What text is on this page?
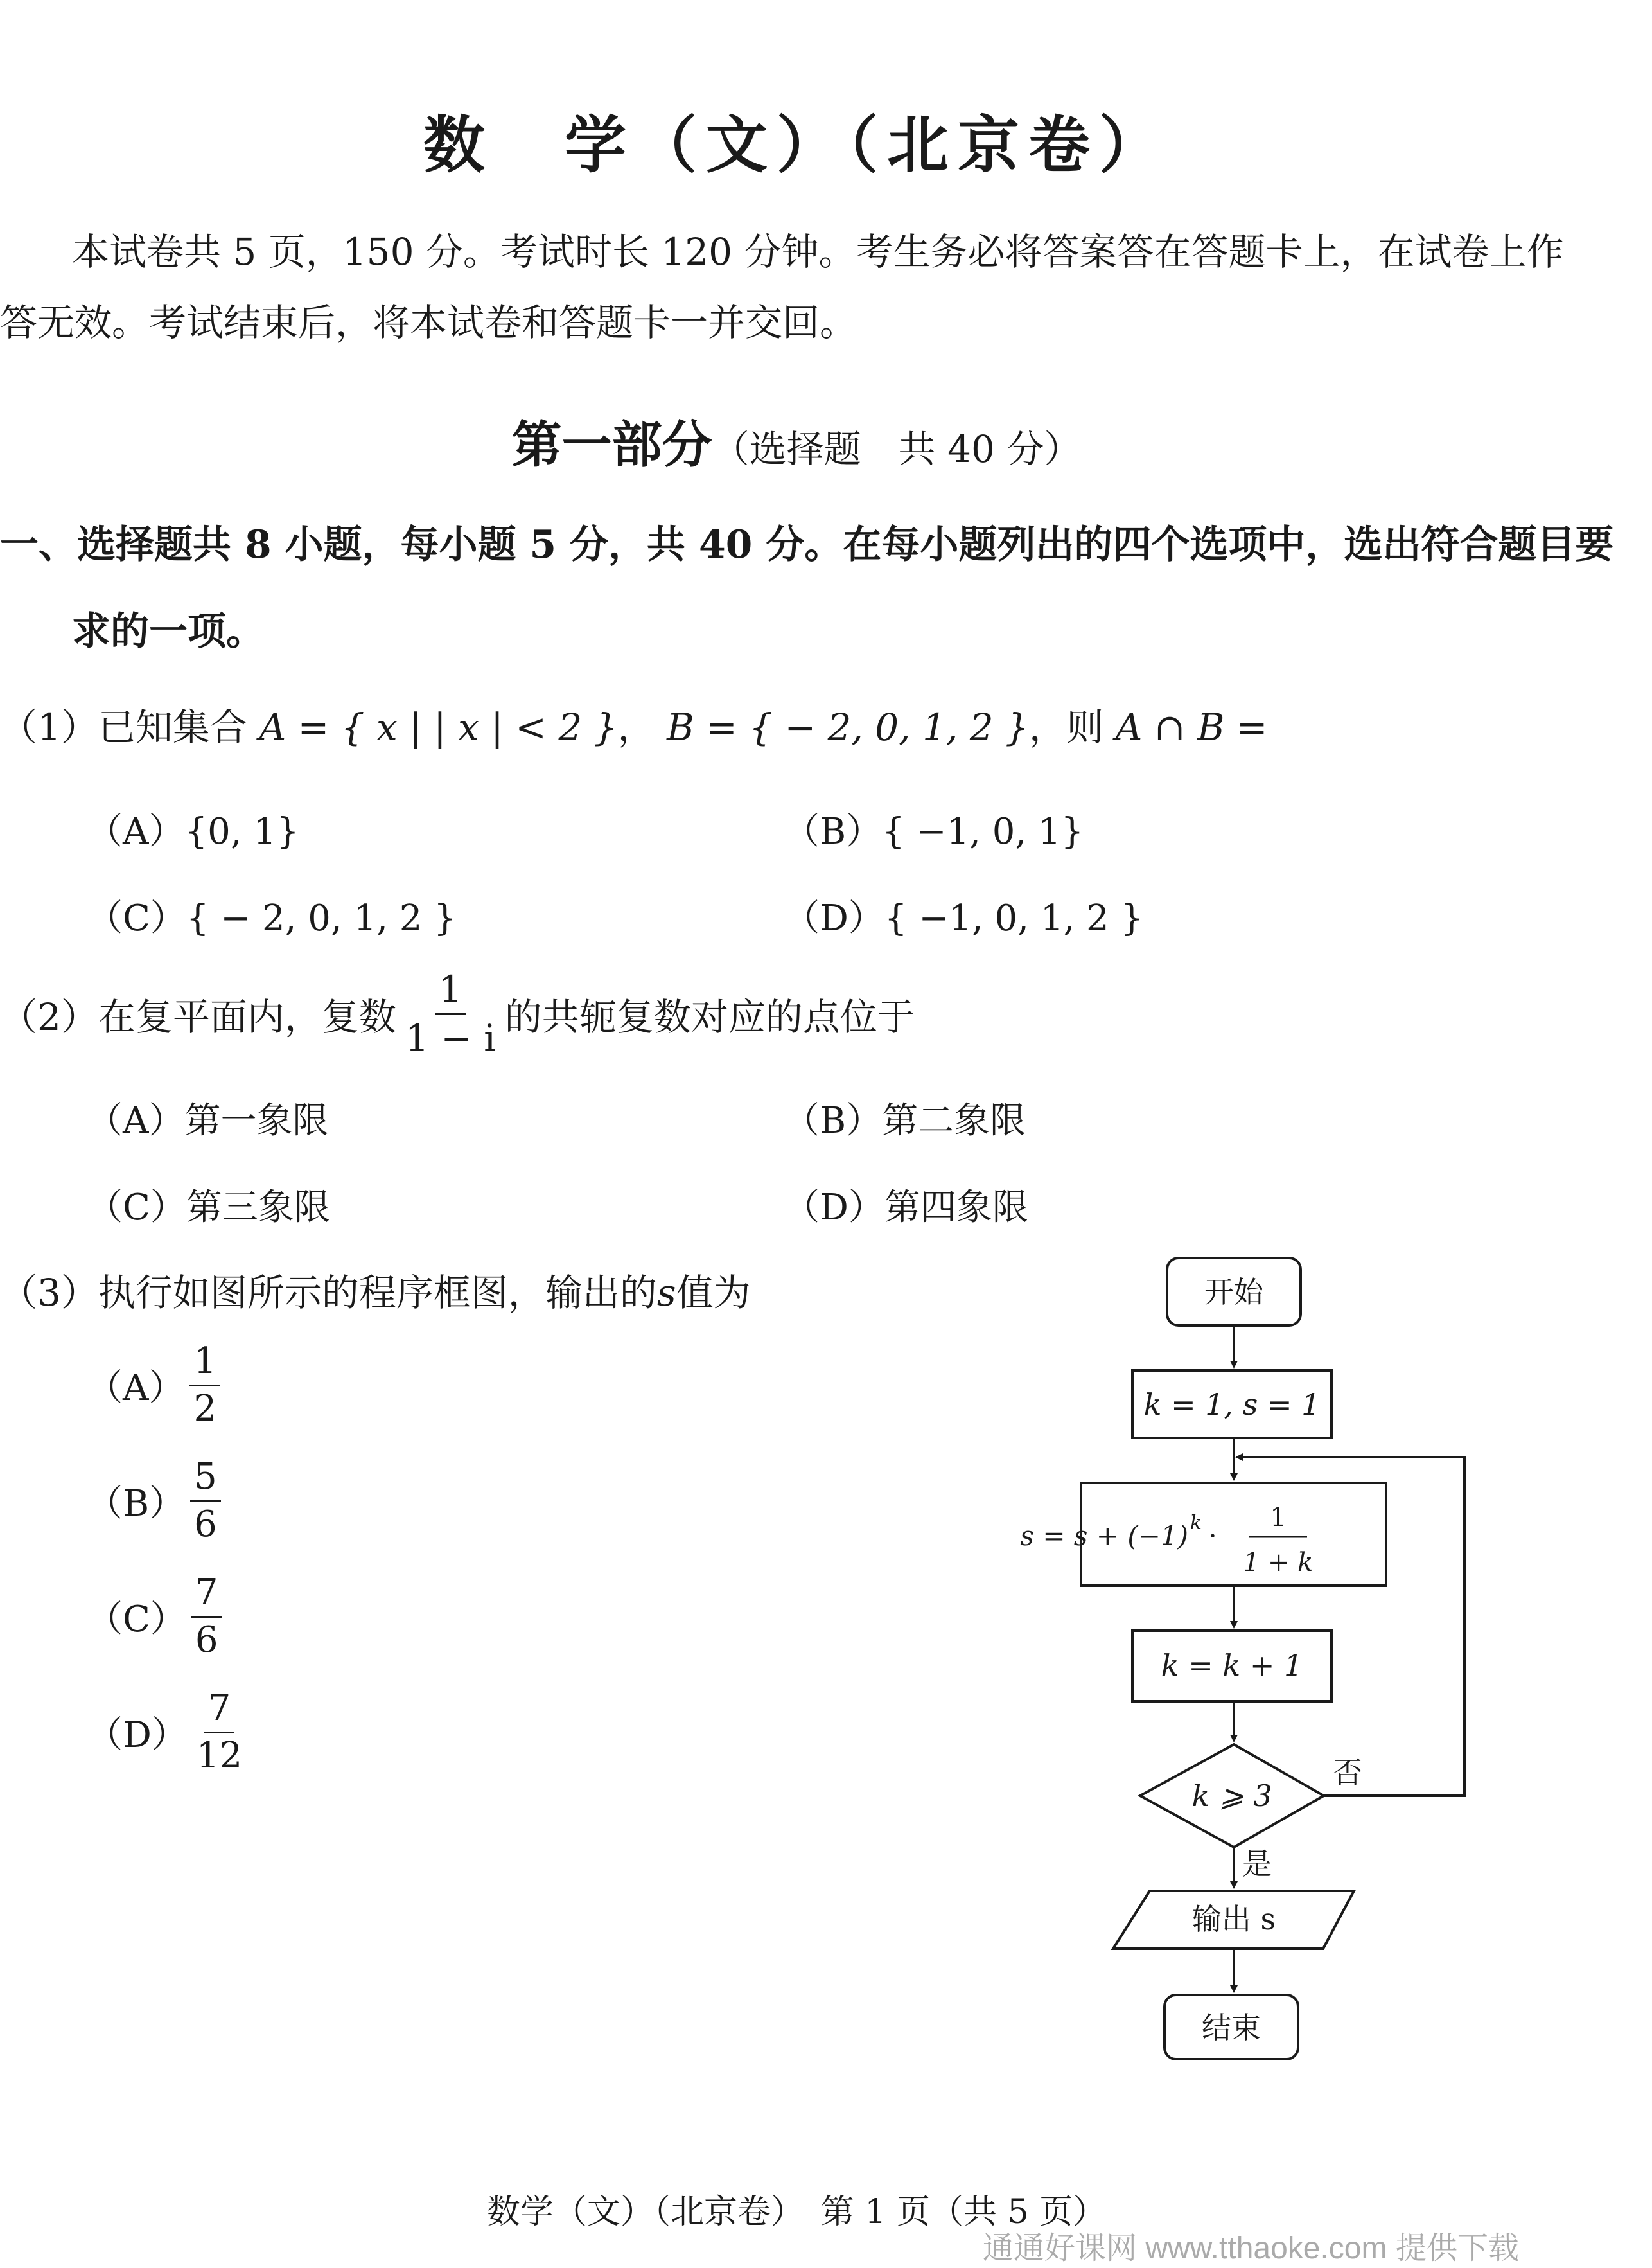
数　学（文）（北京卷）
本试卷共 5 页，150 分。考试时长 120 分钟。考生务必将答案答在答题卡上，在试卷上作
答无效。考试结束后，将本试卷和答题卡一并交回。
第一部分（选择题　共 40 分）
一、选择题共 8 小题，每小题 5 分，共 40 分。在每小题列出的四个选项中，选出符合题目要
求的一项。
（1）已知集合 A = { x | | x | < 2 }， B = { − 2, 0, 1, 2 }，则 A ∩ B =
（A）{0, 1}	（B）{ −1, 0, 1}
（C）{ − 2, 0, 1, 2 }	（D）{ −1, 0, 1, 2 }
（2） 在复平面内，复数 $\frac{1}{1 - i}$ 的共轭复数对应的点位于
（A）第一象限	（B）第二象限
（C）第三象限	（D）第四象限
（3）执行如图所示的程序框图，输出的s值为
$(A) \frac{1}{2}$
$(B) \frac{5}{6}$
$(C) \frac{7}{6}$
$(D) \frac{7}{12}$
开始
k = 1, s = 1
s = s + (−1) k ·
1
1 + k
k = k + 1
k ⩾ 3
否
是
输出 s
结束
数学（文）（北京卷）　第 1 页（共 5 页）
通通好课网 www.tthaoke.com 提供下载
